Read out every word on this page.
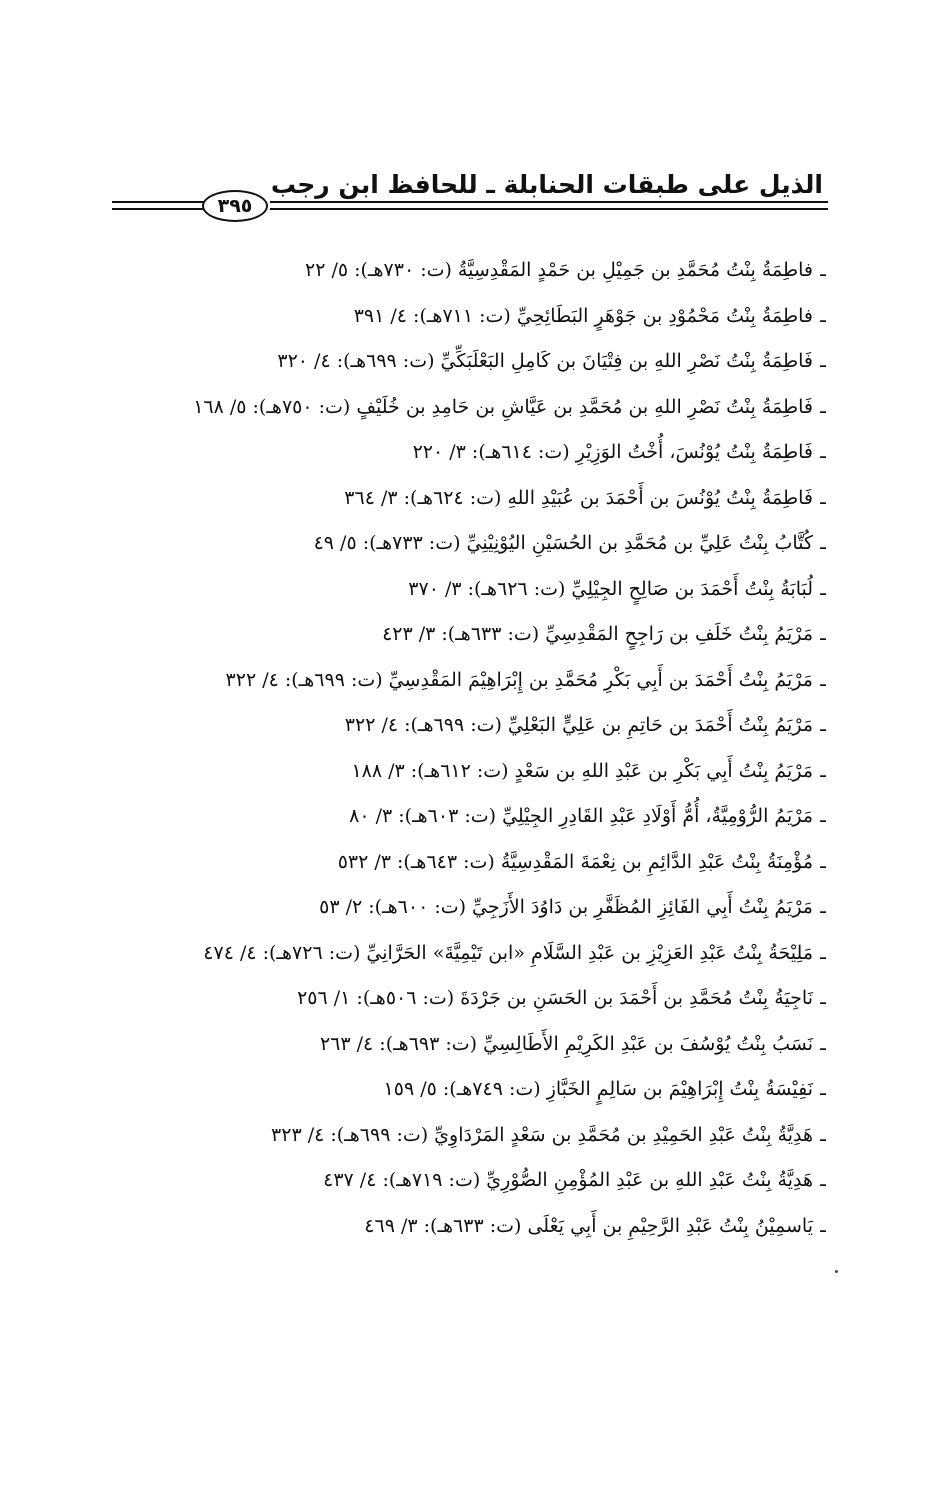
الذيل على طبقات الحنابلة ـ للحافظ ابن رجب
٣٩٥
ـفاطِمَةُ بِنْتُ مُحَمَّدِ بن جَمِيْلِ بن حَمْدٍ المَقْدِسِيَّةُ (ت: ٧٣٠هـ): ٥/ ٢٢
ـفاطِمَةُ بِنْتُ مَحْمُوْدِ بن جَوْهَرٍ البَطَائِحِيِّ (ت: ٧١١هـ): ٤/ ٣٩١
ـفَاطِمَةُ بِنْتُ نَصْرِ اللهِ بن فِتْيَانَ بن كَامِلِ البَعْلَبَكِّيِّ (ت: ٦٩٩هـ): ٤/ ٣٢٠
ـفَاطِمَةُ بِنْتُ نَصْرِ اللهِ بن مُحَمَّدِ بن عَيَّاشِ بن حَامِدِ بن خُلَيْفٍ (ت: ٧٥٠هـ): ٥/ ١٦٨
ـفَاطِمَةُ بِنْتُ يُوْنُسَ، أُخْتُ الوَزِيْرِ (ت: ٦١٤هـ): ٣/ ٢٢٠
ـفَاطِمَةُ بِنْتُ يُوْنُسَ بن أَحْمَدَ بن عُبَيْدِ اللهِ (ت: ٦٢٤هـ): ٣/ ٣٦٤
ـكُتَّابُ بِنْتُ عَلِيِّ بن مُحَمَّدِ بن الحُسَيْنِ اليُوْنِيْنِيِّ (ت: ٧٣٣هـ): ٥/ ٤٩
ـلُبَابَةُ بِنْتُ أَحْمَدَ بن صَالِحٍ الجِيْلِيِّ (ت: ٦٢٦هـ): ٣/ ٣٧٠
ـمَرْيَمُ بِنْتُ خَلَفِ بن رَاجِحٍ المَقْدِسِيِّ (ت: ٦٣٣هـ): ٣/ ٤٢٣
ـمَرْيَمُ بِنْتُ أَحْمَدَ بن أَبِي بَكْرِ مُحَمَّدِ بن إِبْرَاهِيْمَ المَقْدِسِيِّ (ت: ٦٩٩هـ): ٤/ ٣٢٢
ـمَرْيَمُ بِنْتُ أَحْمَدَ بن حَاتِمِ بن عَلِيٍّ البَعْلِيِّ (ت: ٦٩٩هـ): ٤/ ٣٢٢
ـمَرْيَمُ بِنْتُ أَبِي بَكْرِ بن عَبْدِ اللهِ بن سَعْدٍ (ت: ٦١٢هـ): ٣/ ١٨٨
ـمَرْيَمُ الرُّوْمِيَّةُ، أُمُّ أَوْلَادِ عَبْدِ القَادِرِ الجِيْلِيِّ (ت: ٦٠٣هـ): ٣/ ٨٠
ـمُؤْمِنَةُ بِنْتُ عَبْدِ الدَّائِمِ بن نِعْمَةَ المَقْدِسِيَّةُ (ت: ٦٤٣هـ): ٣/ ٥٣٢
ـمَرْيَمُ بِنْتُ أَبِي الفَائِزِ المُظَفَّرِ بن دَاوُدَ الأَزَجِيِّ (ت: ٦٠٠هـ): ٢/ ٥٣
ـمَلِيْحَةُ بِنْتُ عَبْدِ العَزِيْزِ بن عَبْدِ السَّلَامِ «ابن تَيْمِيَّةَ» الحَرَّانِيِّ (ت: ٧٢٦هـ): ٤/ ٤٧٤
ـنَاجِيَةُ بِنْتُ مُحَمَّدِ بن أَحْمَدَ بن الحَسَنِ بن جَرْدَةَ (ت: ٥٠٦هـ): ١/ ٢٥٦
ـنَسَبُ بِنْتُ يُوْسُفَ بن عَبْدِ الكَرِيْمِ الأَطَالِسِيِّ (ت: ٦٩٣هـ): ٤/ ٢٦٣
ـنَفِيْسَةُ بِنْتُ إِبْرَاهِيْمَ بن سَالِمٍ الخَبَّازِ (ت: ٧٤٩هـ): ٥/ ١٥٩
ـهَدِيَّةُ بِنْتُ عَبْدِ الحَمِيْدِ بن مُحَمَّدِ بن سَعْدٍ المَرْدَاوِيِّ (ت: ٦٩٩هـ): ٤/ ٣٢٣
ـهَدِيَّةُ بِنْتُ عَبْدِ اللهِ بن عَبْدِ المُؤْمِنِ الصُّوْرِيِّ (ت: ٧١٩هـ): ٤/ ٤٣٧
ـيَاسمِيْنُ بِنْتُ عَبْدِ الرَّحِيْمِ بن أَبِي يَعْلَى (ت: ٦٣٣هـ): ٣/ ٤٦٩
